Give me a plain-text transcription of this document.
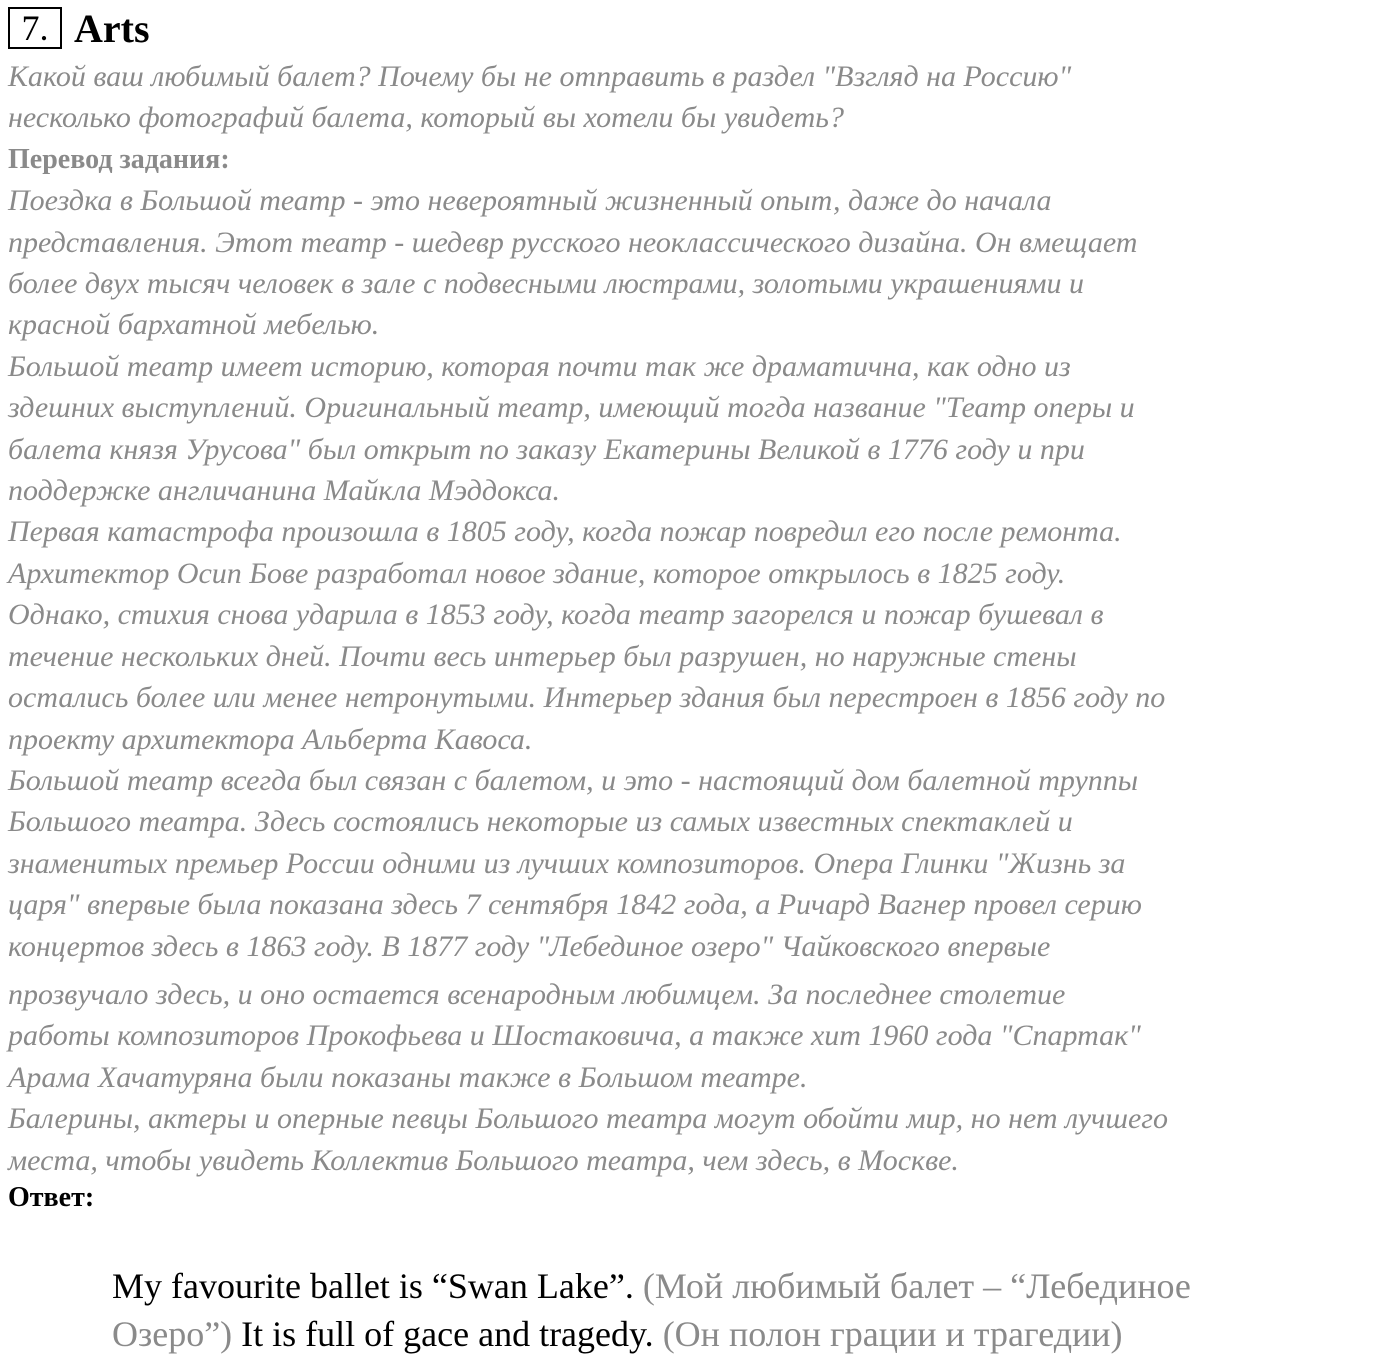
7. Arts
Какой ваш любимый балет? Почему бы не отправить в раздел "Взгляд на Россию"
несколько фотографий балета, который вы хотели бы увидеть?
Перевод задания:
Поездка в Большой театр - это невероятный жизненный опыт, даже до начала
представления. Этот театр - шедевр русского неоклассического дизайна. Он вмещает
более двух тысяч человек в зале с подвесными люстрами, золотыми украшениями и
красной бархатной мебелью.
Большой театр имеет историю, которая почти так же драматична, как одно из
здешних выступлений. Оригинальный театр, имеющий тогда название "Театр оперы и
балета князя Урусова" был открыт по заказу Екатерины Великой в 1776 году и при
поддержке англичанина Майкла Мэддокса.
Первая катастрофа произошла в 1805 году, когда пожар повредил его после ремонта.
Архитектор Осип Бове разработал новое здание, которое открылось в 1825 году.
Однако, стихия снова ударила в 1853 году, когда театр загорелся и пожар бушевал в
течение нескольких дней. Почти весь интерьер был разрушен, но наружные стены
остались более или менее нетронутыми. Интерьер здания был перестроен в 1856 году по
проекту архитектора Альберта Кавоса.
Большой театр всегда был связан с балетом, и это - настоящий дом балетной труппы
Большого театра. Здесь состоялись некоторые из самых известных спектаклей и
знаменитых премьер России одними из лучших композиторов. Опера Глинки "Жизнь за
царя" впервые была показана здесь 7 сентября 1842 года, а Ричард Вагнер провел серию
концертов здесь в 1863 году. В 1877 году "Лебединое озеро" Чайковского впервые
прозвучало здесь, и оно остается всенародным любимцем. За последнее столетие
работы композиторов Прокофьева и Шостаковича, а также хит 1960 года "Спартак"
Арама Хачатуряна были показаны также в Большом театре.
Балерины, актеры и оперные певцы Большого театра могут обойти мир, но нет лучшего
места, чтобы увидеть Коллектив Большого театра, чем здесь, в Москве.
Ответ:
My favourite ballet is “Swan Lake”. (Мой любимый балет – “Лебединое
Озеро”) It is full of gace and tragedy. (Он полон грации и трагедии)
